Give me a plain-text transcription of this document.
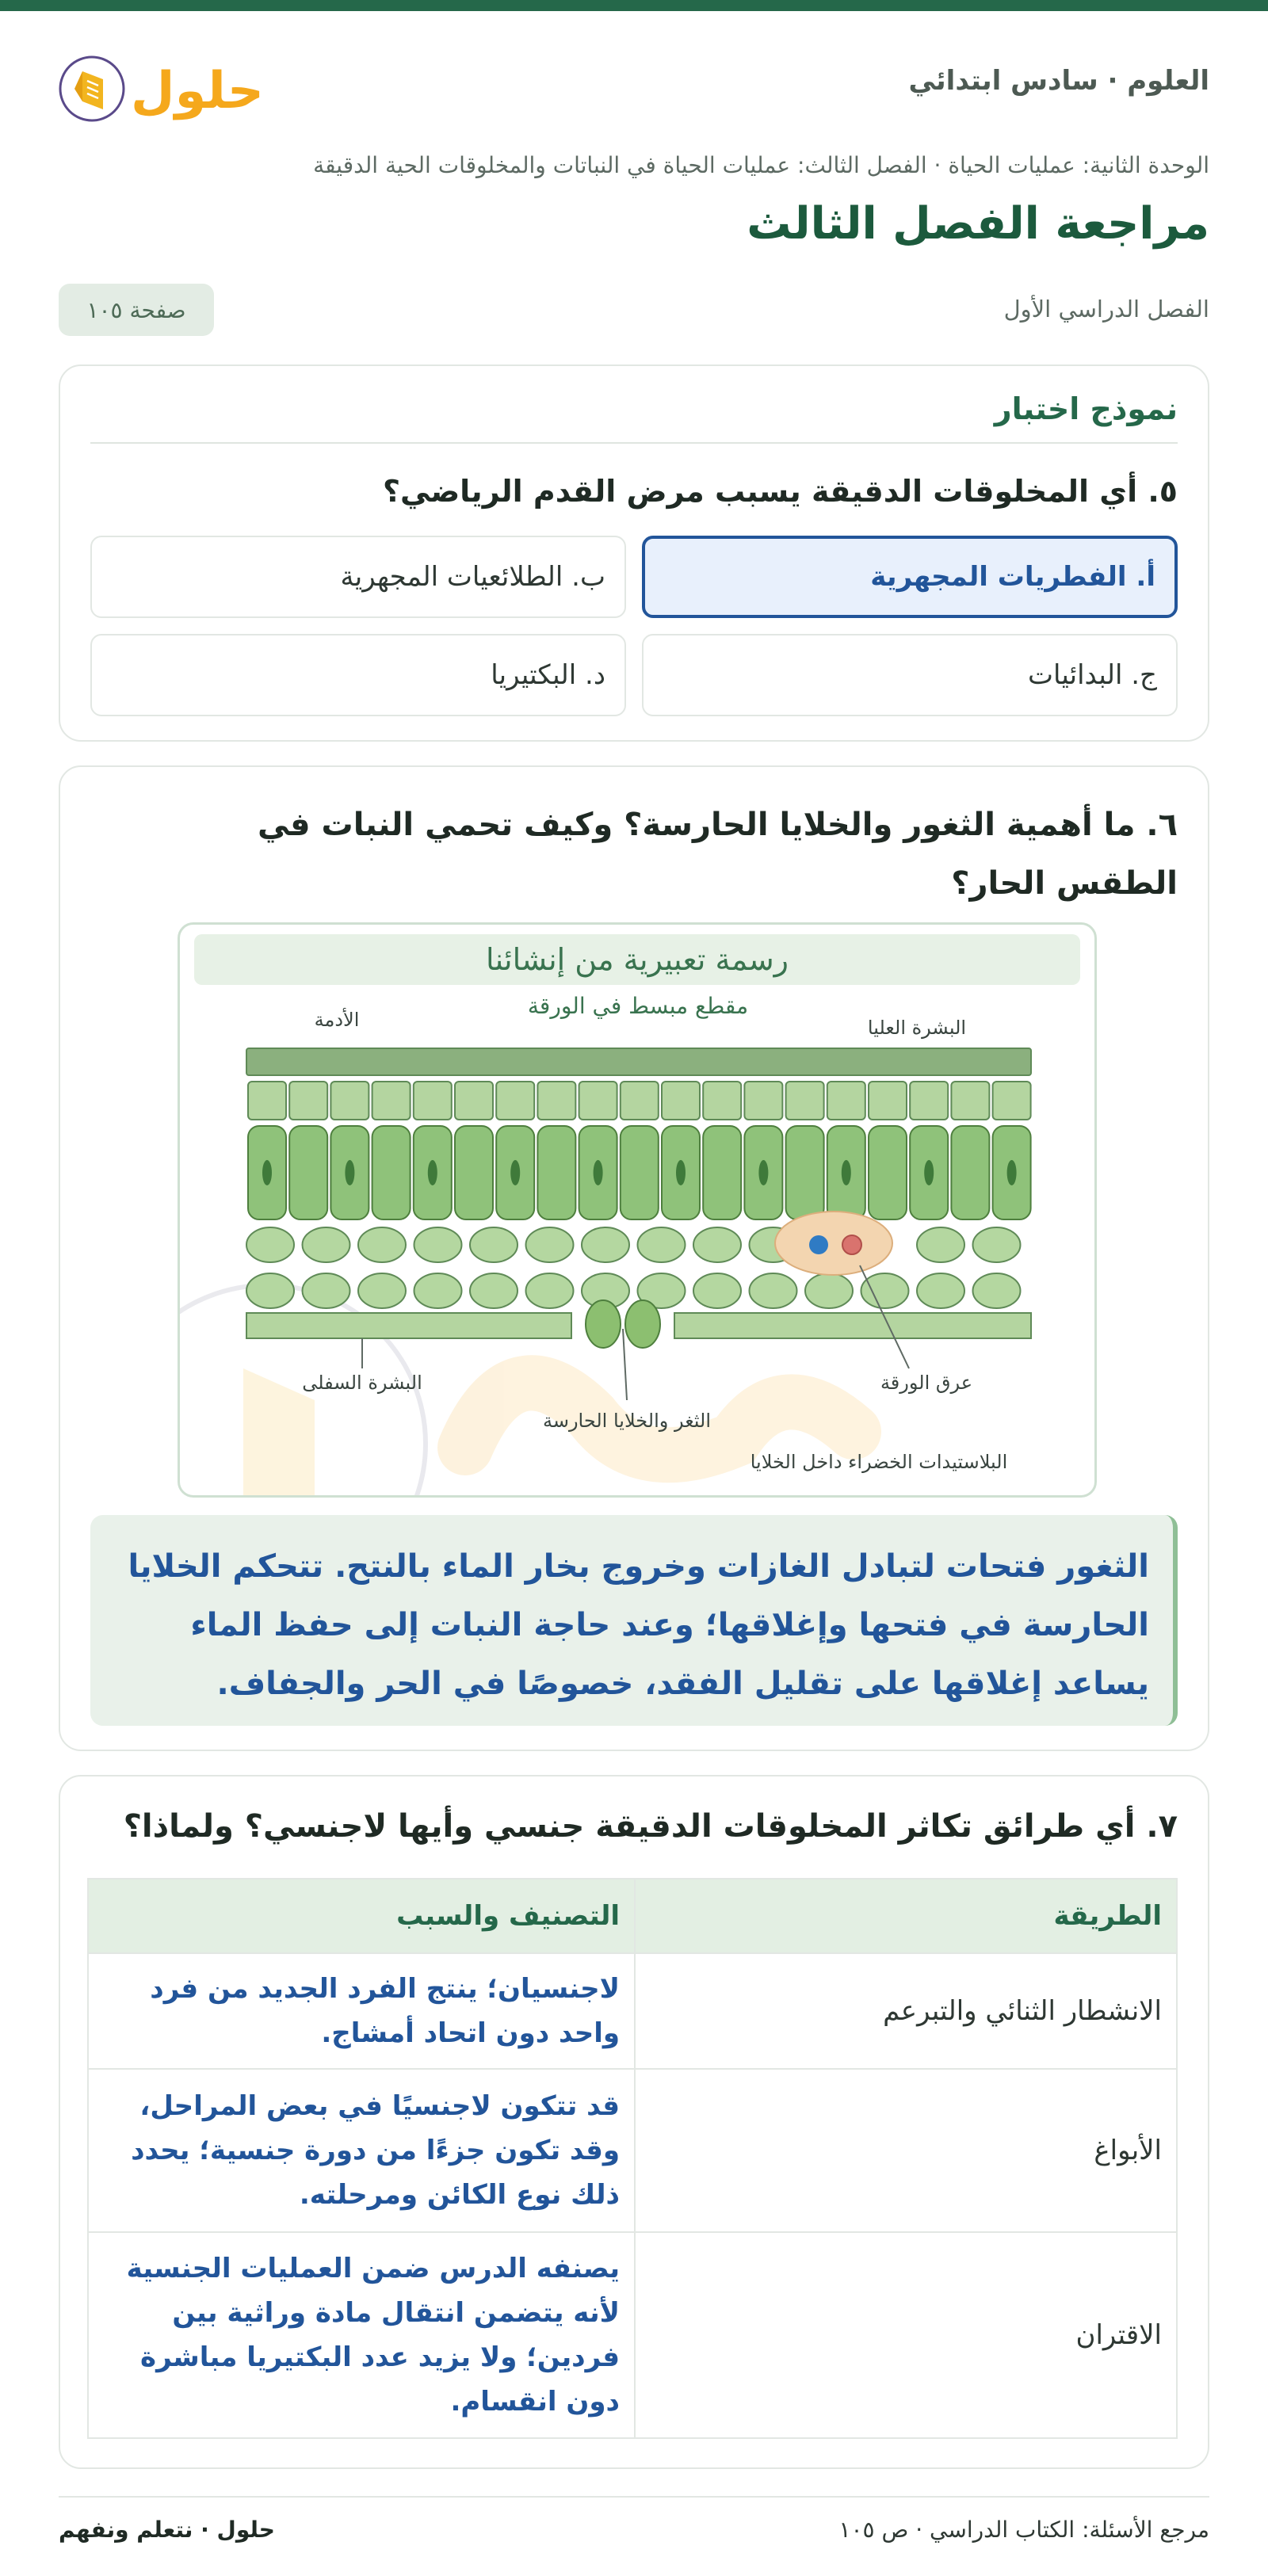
العلوم · سادس ابتدائي
حلول
الوحدة الثانية: عمليات الحياة · الفصل الثالث: عمليات الحياة في النباتات والمخلوقات الحية الدقيقة
مراجعة الفصل الثالث
الفصل الدراسي الأول
صفحة ١٠٥
نموذج اختبار
٥. أي المخلوقات الدقيقة يسبب مرض القدم الرياضي؟
أ. الفطريات المجهرية
ب. الطلائعيات المجهرية
ج. البدائيات
د. البكتيريا
٦. ما أهمية الثغور والخلايا الحارسة؟ وكيف تحمي النبات في الطقس الحار؟
رسمة تعبيرية من إنشائنا
مقطع مبسط في الورقة
الأدمة	البشرة العليا
البشرة السفلى	عرق الورقة
الثغر والخلايا الحارسة
البلاستيدات الخضراء داخل الخلايا
الثغور فتحات لتبادل الغازات وخروج بخار الماء بالنتح. تتحكم الخلايا الحارسة في فتحها وإغلاقها؛ وعند حاجة النبات إلى حفظ الماء يساعد إغلاقها على تقليل الفقد، خصوصًا في الحر والجفاف.
٧. أي طرائق تكاثر المخلوقات الدقيقة جنسي وأيها لاجنسي؟ ولماذا؟
الطريقة	التصنيف والسبب
الانشطار الثنائي والتبرعم	لاجنسيان؛ ينتج الفرد الجديد من فرد واحد دون اتحاد أمشاج.
الأبواغ	قد تتكون لاجنسيًا في بعض المراحل، وقد تكون جزءًا من دورة جنسية؛ يحدد ذلك نوع الكائن ومرحلته.
الاقتران	يصنفه الدرس ضمن العمليات الجنسية لأنه يتضمن انتقال مادة وراثية بين فردين؛ ولا يزيد عدد البكتيريا مباشرة دون انقسام.
مرجع الأسئلة: الكتاب الدراسي · ص ١٠٥
حلول · نتعلم ونفهم
